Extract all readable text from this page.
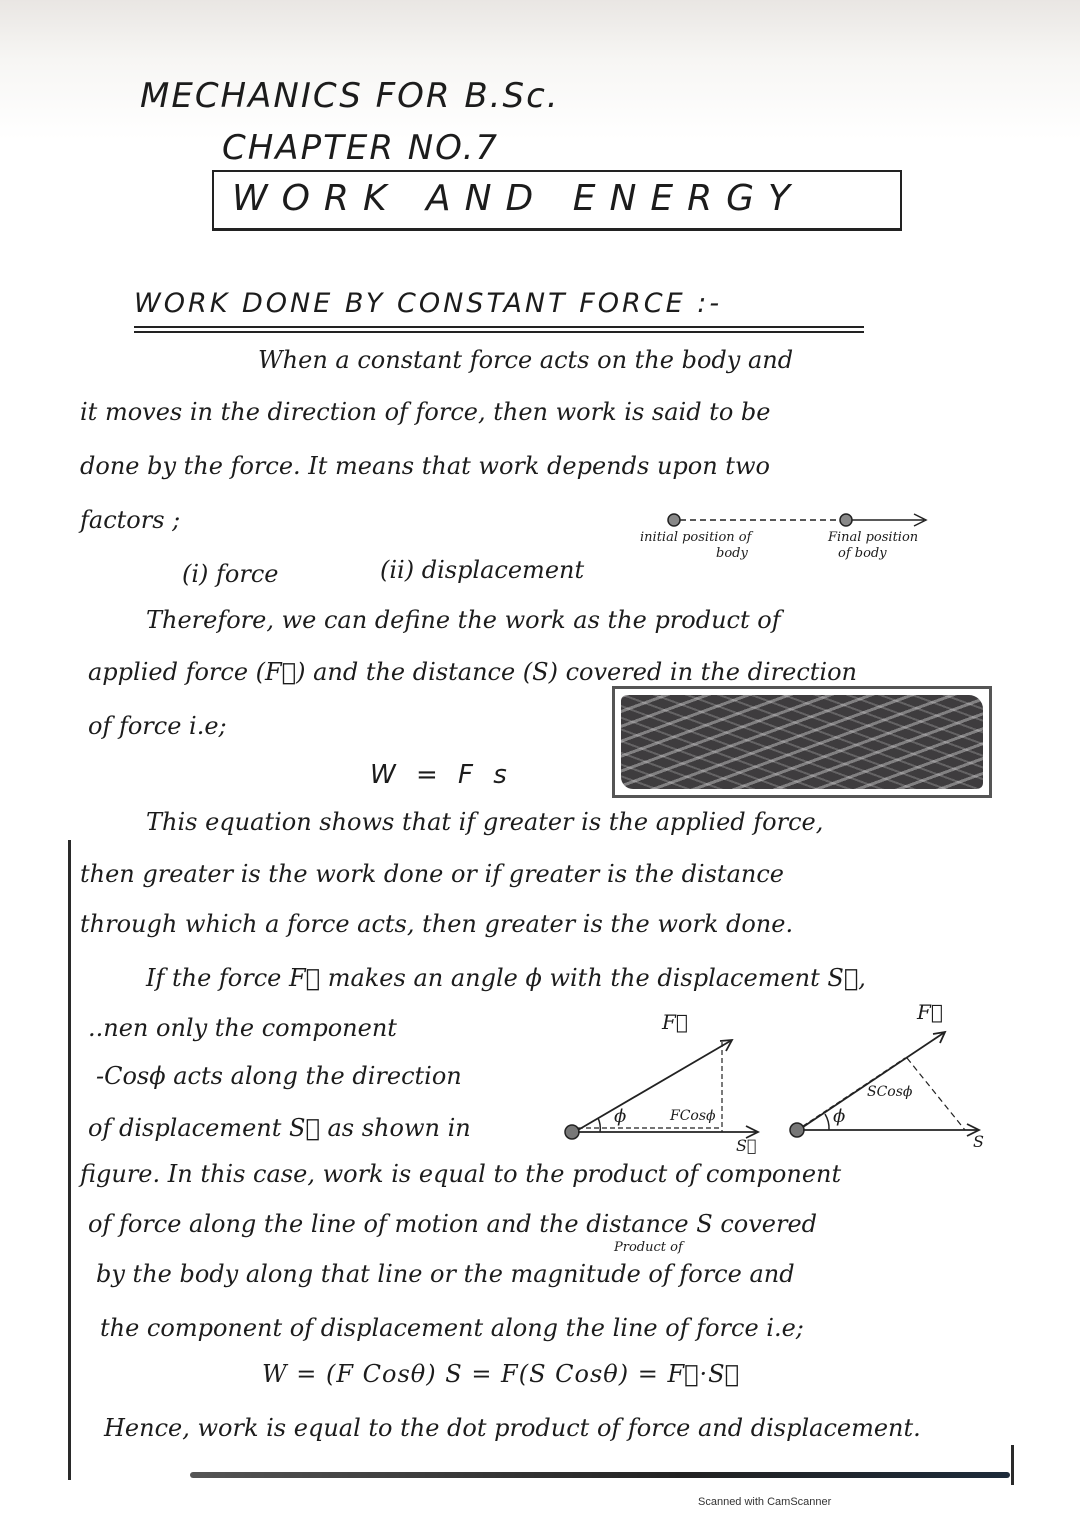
MECHANICS FOR B.Sc.
CHAPTER NO.7
WORK AND ENERGY
WORK DONE BY CONSTANT FORCE :-
When a constant force acts on the body and
it moves in the direction of force, then work is said to be
done by the force. It means that work depends upon two
factors ;
initial position of
body
Final position
of body
(i) force	(ii) displacement
Therefore, we can define the work as the product of
applied force (F⃗) and the distance (S) covered in the direction
of force i.e;
W = F s
This equation shows that if greater is the applied force,
then greater is the work done or if greater is the distance
through which a force acts, then greater is the work done.
If the force F⃗ makes an angle ϕ with the displacement S⃗,
..nen only the component
-Cosϕ acts along the direction
of displacement S⃗ as shown in
F⃗
ϕ	FCosϕ
S⃗
F⃗
ϕ
SCosϕ
S
figure. In this case, work is equal to the product of component
of force along the line of motion and the distance S covered
Product of
by the body along that line or the magnitude of force and
the component of displacement along the line of force i.e;
W = (F Cosθ) S = F(S Cosθ) = F⃗·S⃗
Hence, work is equal to the dot product of force and displacement.
Scanned with CamScanner
